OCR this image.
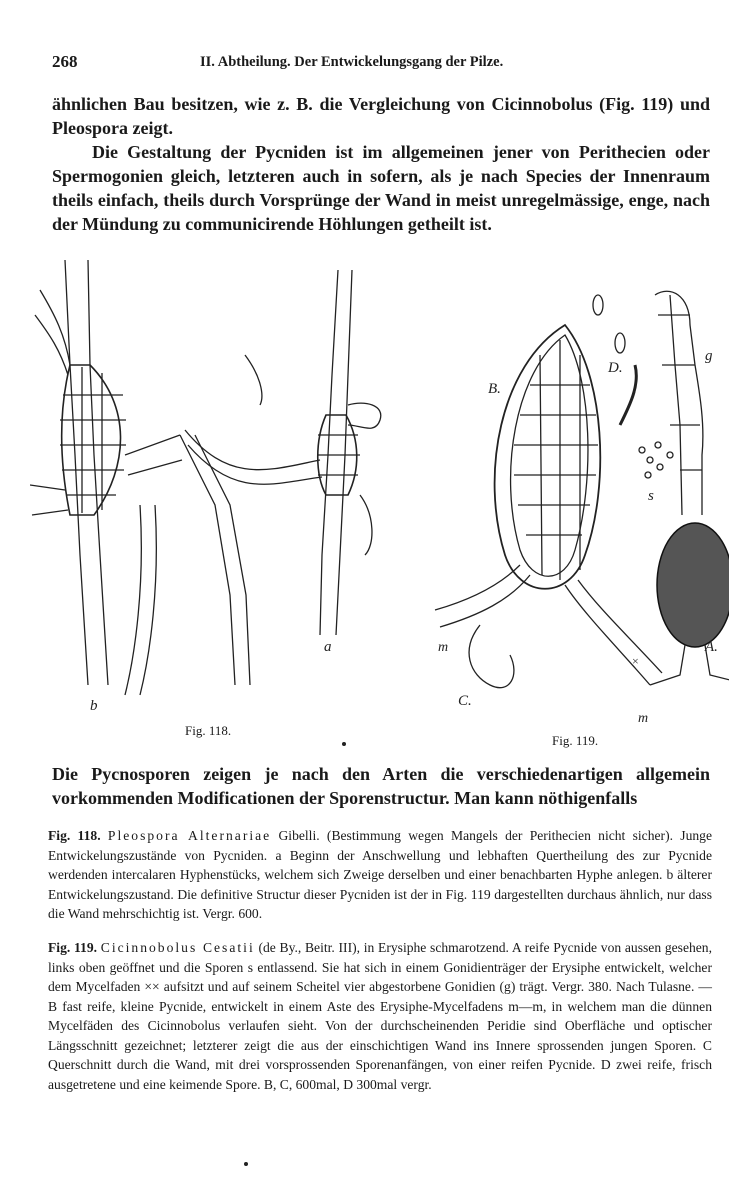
268	II. Abtheilung. Der Entwickelungsgang der Pilze.
ähnlichen Bau besitzen, wie z. B. die Vergleichung von Cicinnobolus (Fig. 119) und Pleospora zeigt.
Die Gestaltung der Pycniden ist im allgemeinen jener von Perithecien oder Spermogonien gleich, letzteren auch in sofern, als je nach Species der Innenraum theils einfach, theils durch Vorsprünge der Wand in meist unregelmässige, enge, nach der Mündung zu communicirende Höhlungen getheilt ist.
b
a
B.
D.
g
s
A.
m
m
C.
×
Fig. 118.
Fig. 119.
Die Pycnosporen zeigen je nach den Arten die verschiedenartigen allgemein vorkommenden Modificationen der Sporenstructur. Man kann nöthigenfalls
Fig. 118. Pleospora Alternariae Gibelli. (Bestimmung wegen Mangels der Perithecien nicht sicher). Junge Entwickelungszustände von Pycniden. a Beginn der Anschwellung und lebhaften Quertheilung des zur Pycnide werdenden intercalaren Hyphenstücks, welchem sich Zweige derselben und einer benachbarten Hyphe anlegen. b älterer Entwickelungszustand. Die definitive Structur dieser Pycniden ist der in Fig. 119 dargestellten durchaus ähnlich, nur dass die Wand mehrschichtig ist. Vergr. 600.
Fig. 119. Cicinnobolus Cesatii (de By., Beitr. III), in Erysiphe schmarotzend. A reife Pycnide von aussen gesehen, links oben geöffnet und die Sporen s entlassend. Sie hat sich in einem Gonidienträger der Erysiphe entwickelt, welcher dem Mycelfaden ×× aufsitzt und auf seinem Scheitel vier abgestorbene Gonidien (g) trägt. Vergr. 380. Nach Tulasne. — B fast reife, kleine Pycnide, entwickelt in einem Aste des Erysiphe-Mycelfadens m—m, in welchem man die dünnen Mycelfäden des Cicinnobolus verlaufen sieht. Von der durchscheinenden Peridie sind Oberfläche und optischer Längsschnitt gezeichnet; letzterer zeigt die aus der einschichtigen Wand ins Innere sprossenden jungen Sporen. C Querschnitt durch die Wand, mit drei vorsprossenden Sporenanfängen, von einer reifen Pycnide. D zwei reife, frisch ausgetretene und eine keimende Spore. B, C, 600mal, D 300mal vergr.
